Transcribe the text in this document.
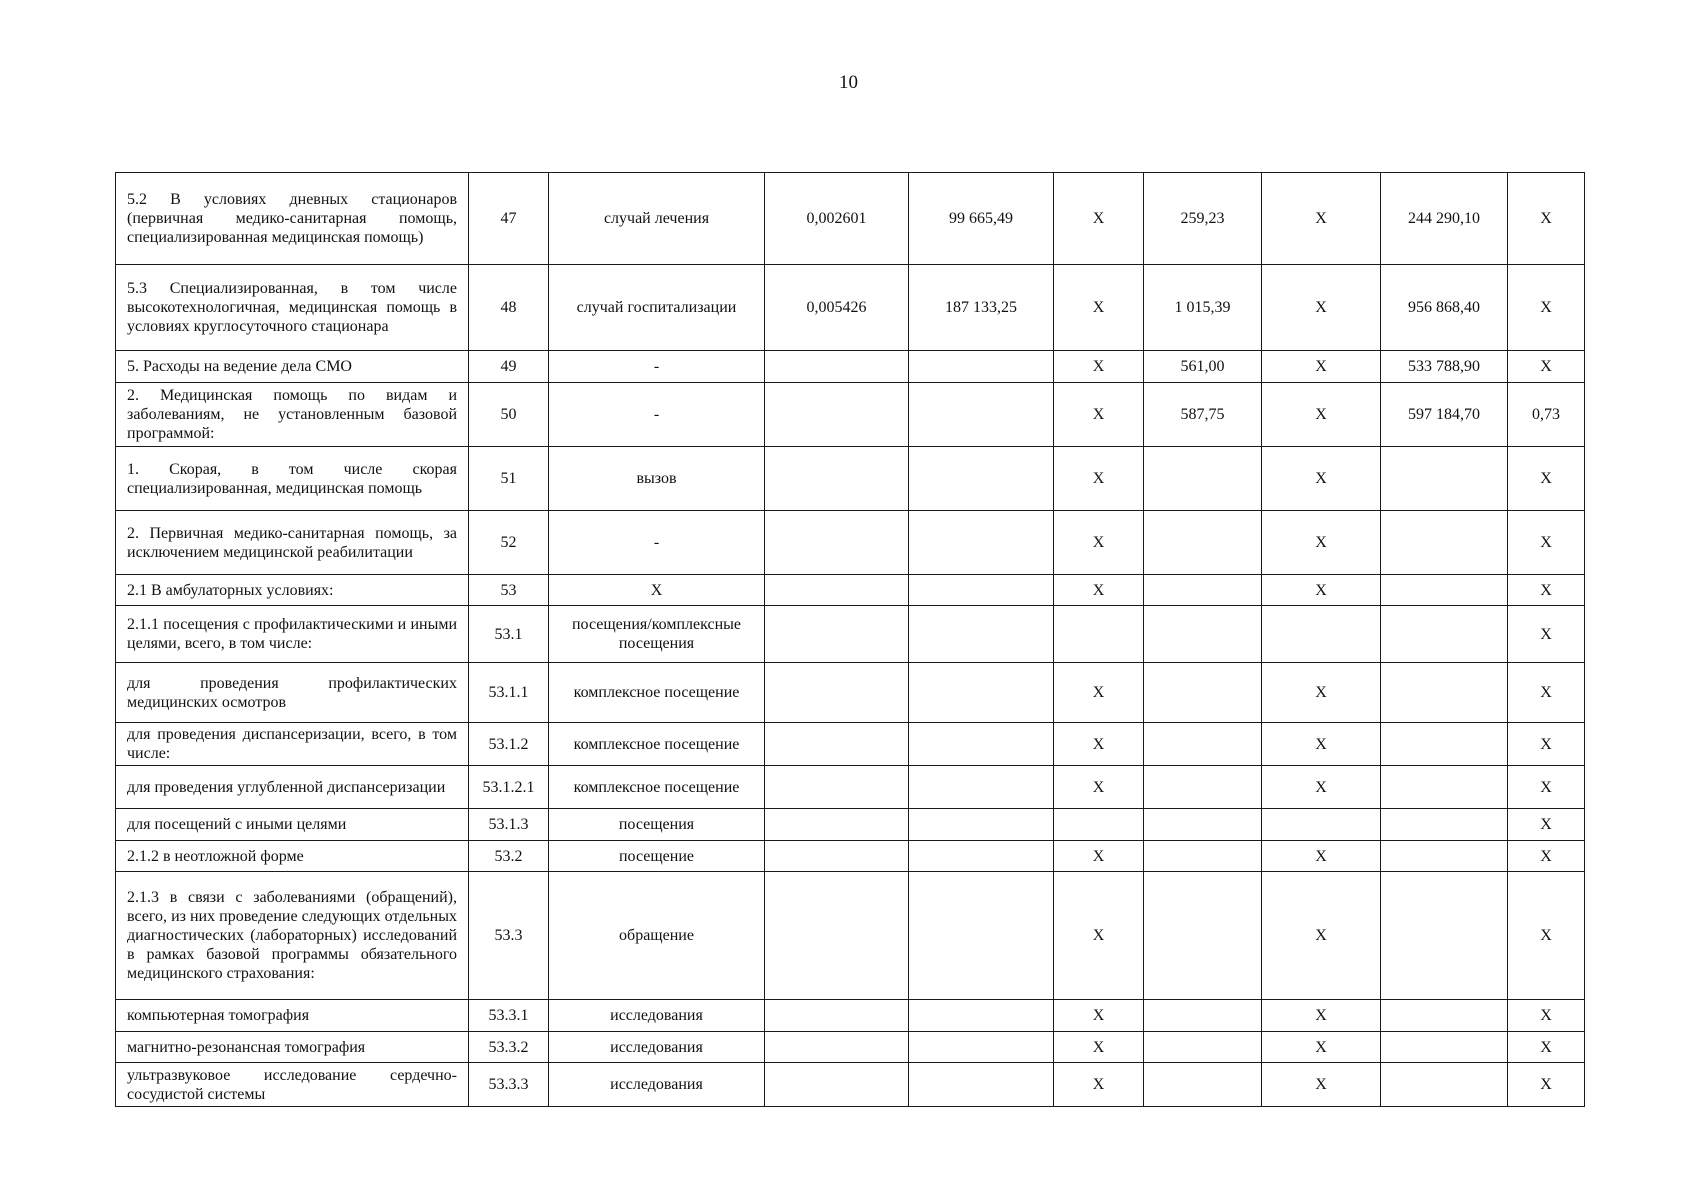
10
5.2 В условиях дневных стационаров (первичная медико-санитарная помощь, специализированная медицинская помощь)	47	случай лечения	0,002601	99 665,49	X	259,23	X	244 290,10	X
5.3 Специализированная, в том числе высокотехнологичная, медицинская помощь в условиях круглосуточного стационара	48	случай госпитализации	0,005426	187 133,25	X	1 015,39	X	956 868,40	X
5. Расходы на ведение дела СМО	49	-			X	561,00	X	533 788,90	X
2. Медицинская помощь по видам и заболеваниям, не установленным базовой программой:	50	-			X	587,75	X	597 184,70	0,73
1. Скорая, в том числе скорая специализированная, медицинская помощь	51	вызов			X		X		X
2. Первичная медико-санитарная помощь, за исключением медицинской реабилитации	52	-			X		X		X
2.1 В амбулаторных условиях:	53	X			X		X		X
2.1.1 посещения с профилактическими и иными целями, всего, в том числе:	53.1	посещения/комплексные посещения							X
для проведения профилактических медицинских осмотров	53.1.1	комплексное посещение			X		X		X
для проведения диспансеризации, всего, в том числе:	53.1.2	комплексное посещение			X		X		X
для проведения углубленной диспансеризации	53.1.2.1	комплексное посещение			X		X		X
для посещений с иными целями	53.1.3	посещения							X
2.1.2 в неотложной форме	53.2	посещение			X		X		X
2.1.3 в связи с заболеваниями (обращений), всего, из них проведение следующих отдельных диагностических (лабораторных) исследований в рамках базовой программы обязательного медицинского страхования:	53.3	обращение			X		X		X
компьютерная томография	53.3.1	исследования			X		X		X
магнитно-резонансная томография	53.3.2	исследования			X		X		X
ультразвуковое исследование сердечно-сосудистой системы	53.3.3	исследования			X		X		X
